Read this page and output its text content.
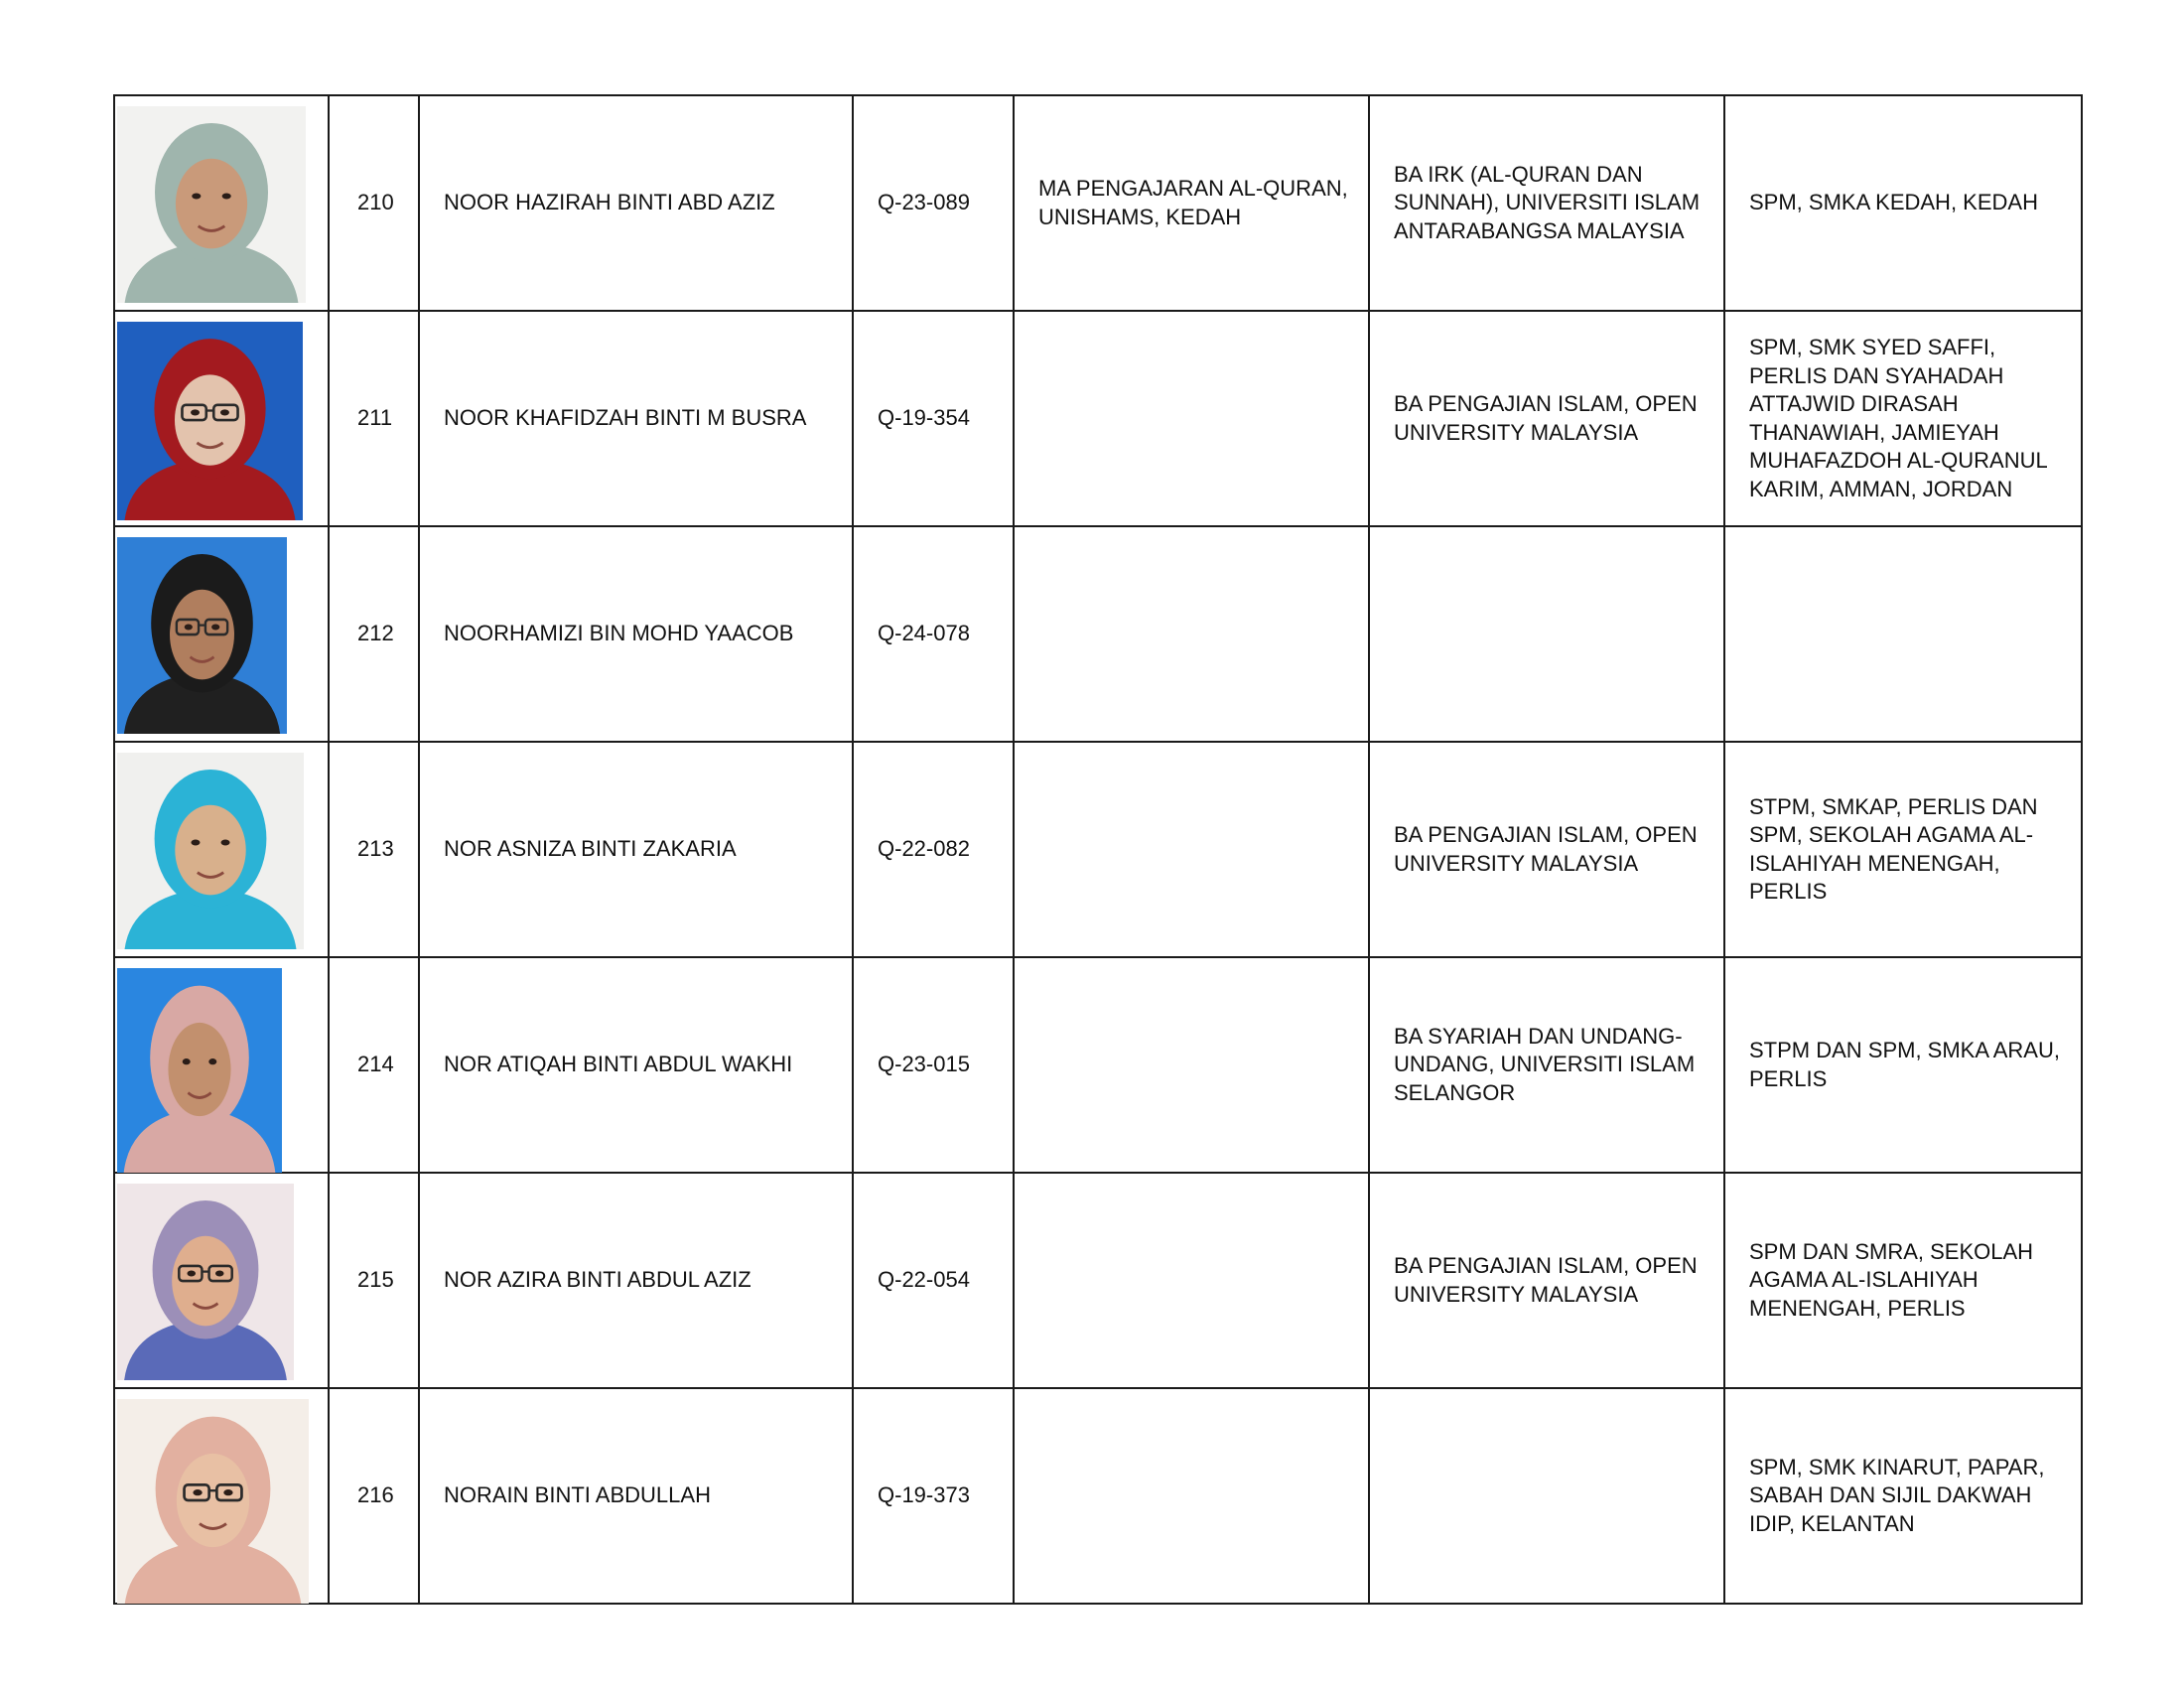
	210	NOOR HAZIRAH BINTI ABD AZIZ	Q-23-089	MA PENGAJARAN AL-QURAN, UNISHAMS, KEDAH	BA IRK (AL-QURAN DAN SUNNAH), UNIVERSITI ISLAM ANTARABANGSA MALAYSIA	SPM, SMKA KEDAH, KEDAH

	211	NOOR KHAFIDZAH BINTI M BUSRA	Q-19-354		BA PENGAJIAN ISLAM, OPEN UNIVERSITY MALAYSIA	SPM, SMK SYED SAFFI, PERLIS DAN SYAHADAH ATTAJWID DIRASAH THANAWIAH, JAMIEYAH MUHAFAZDOH AL-QURANUL KARIM, AMMAN, JORDAN

	212	NOORHAMIZI BIN MOHD YAACOB	Q-24-078			

	213	NOR ASNIZA BINTI ZAKARIA	Q-22-082		BA PENGAJIAN ISLAM, OPEN UNIVERSITY MALAYSIA	STPM, SMKAP, PERLIS DAN SPM, SEKOLAH AGAMA AL-ISLAHIYAH MENENGAH, PERLIS

	214	NOR ATIQAH BINTI ABDUL WAKHI	Q-23-015		BA SYARIAH DAN UNDANG-UNDANG, UNIVERSITI ISLAM SELANGOR	STPM DAN SPM, SMKA ARAU, PERLIS

	215	NOR AZIRA BINTI ABDUL AZIZ	Q-22-054		BA PENGAJIAN ISLAM, OPEN UNIVERSITY MALAYSIA	SPM DAN SMRA, SEKOLAH AGAMA AL-ISLAHIYAH MENENGAH, PERLIS

	216	NORAIN BINTI ABDULLAH	Q-19-373			SPM, SMK KINARUT, PAPAR, SABAH DAN SIJIL DAKWAH IDIP, KELANTAN
